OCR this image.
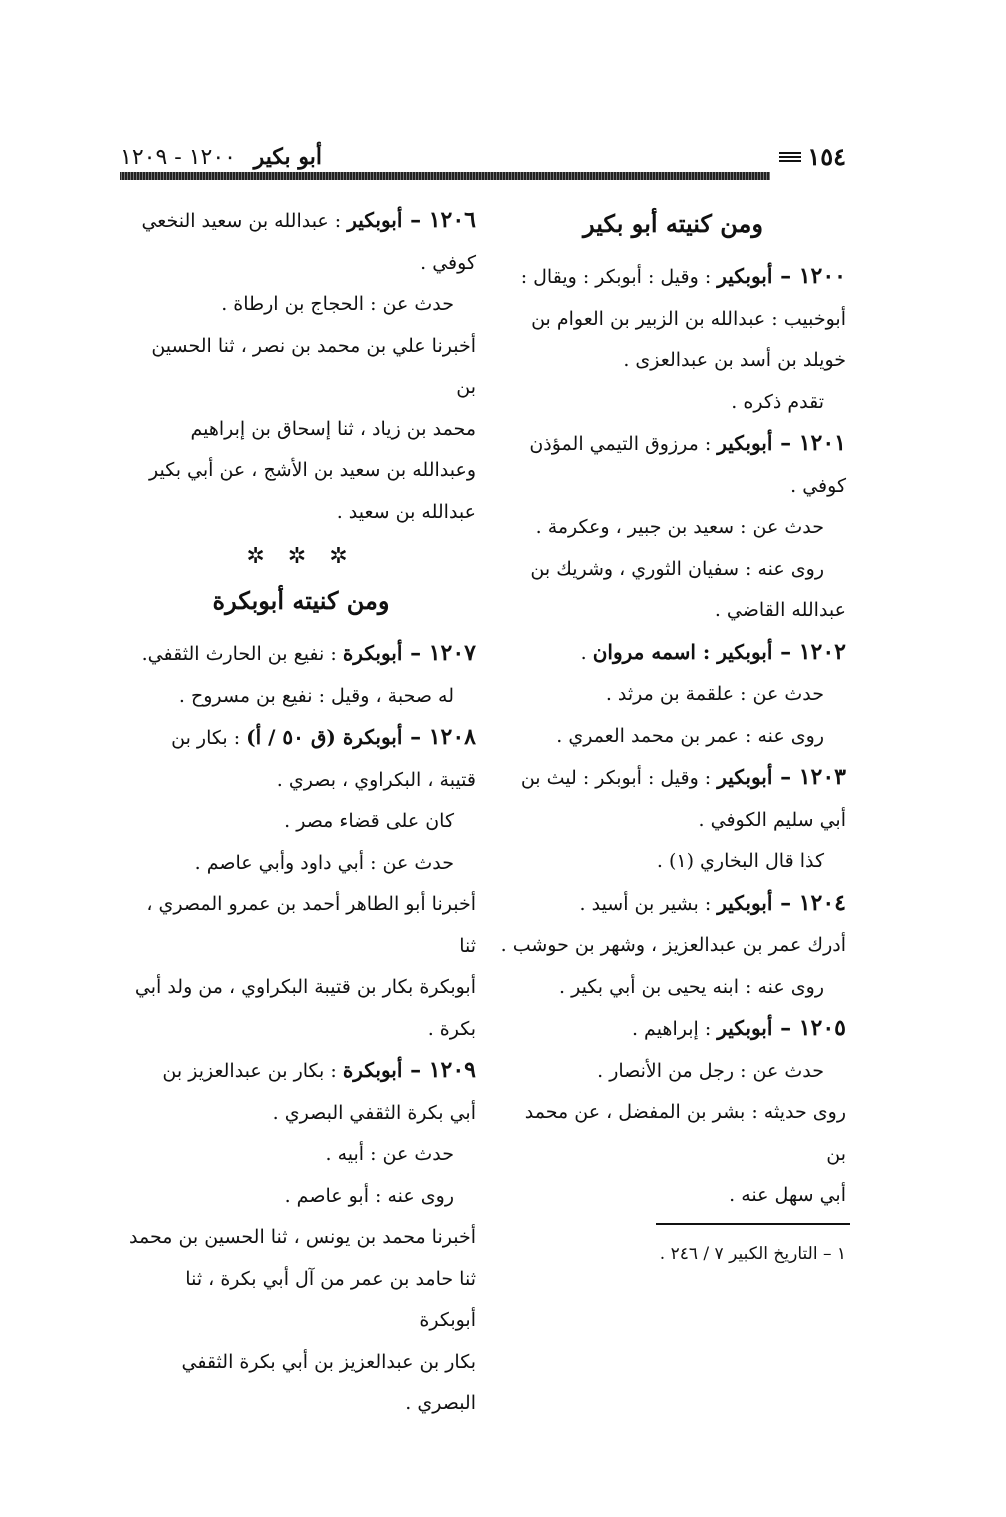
١٥٤
أبو بكير ١٢٠٠ - ١٢٠٩
ومن كنيته أبو بكير
١٢٠٠ – أبوبكير : وقيل : أبوبكر : ويقال :
أبوخبيب : عبدالله بن الزبير بن العوام بن
خويلد بن أسد بن عبدالعزى .
تقدم ذكره .
١٢٠١ – أبوبكير : مرزوق التيمي المؤذن
كوفي .
حدث عن : سعيد بن جبير ، وعكرمة .
روى عنه : سفيان الثوري ، وشريك بن
عبدالله القاضي .
١٢٠٢ – أبوبكير : اسمه مروان .
حدث عن : علقمة بن مرثد .
روى عنه : عمر بن محمد العمري .
١٢٠٣ – أبوبكير : وقيل : أبوبكر : ليث بن
أبي سليم الكوفي .
كذا قال البخاري (١) .
١٢٠٤ – أبوبكير : بشير بن أسيد .
أدرك عمر بن عبدالعزيز ، وشهر بن حوشب .
روى عنه : ابنه يحيى بن أبي بكير .
١٢٠٥ – أبوبكير : إبراهيم .
حدث عن : رجل من الأنصار .
روى حديثه : بشر بن المفضل ، عن محمد بن
أبي سهل عنه .
١ – التاريخ الكبير ٧ / ٢٤٦ .
١٢٠٦ – أبوبكير : عبدالله بن سعيد النخعي
كوفي .
حدث عن : الحجاج بن ارطاة .
أخبرنا علي بن محمد بن نصر ، ثنا الحسين بن
محمد بن زياد ، ثنا إسحاق بن إبراهيم
وعبدالله بن سعيد بن الأشج ، عن أبي بكير
عبدالله بن سعيد .
✲ ✲ ✲
ومن كنيته أبوبكرة
١٢٠٧ – أبوبكرة : نفيع بن الحارث الثقفي.
له صحبة ، وقيل : نفيع بن مسروح .
١٢٠٨ – أبوبكرة (ق ٥٠ / أ) : بكار بن
قتيبة ، البكراوي ، بصري .
كان على قضاء مصر .
حدث عن : أبي داود وأبي عاصم .
أخبرنا أبو الطاهر أحمد بن عمرو المصري ، ثنا
أبوبكرة بكار بن قتيبة البكراوي ، من ولد أبي
بكرة .
١٢٠٩ – أبوبكرة : بكار بن عبدالعزيز بن
أبي بكرة الثقفي البصري .
حدث عن : أبيه .
روى عنه : أبو عاصم .
أخبرنا محمد بن يونس ، ثنا الحسين بن محمد
ثنا حامد بن عمر من آل أبي بكرة ، ثنا أبوبكرة
بكار بن عبدالعزيز بن أبي بكرة الثقفي
البصري .
